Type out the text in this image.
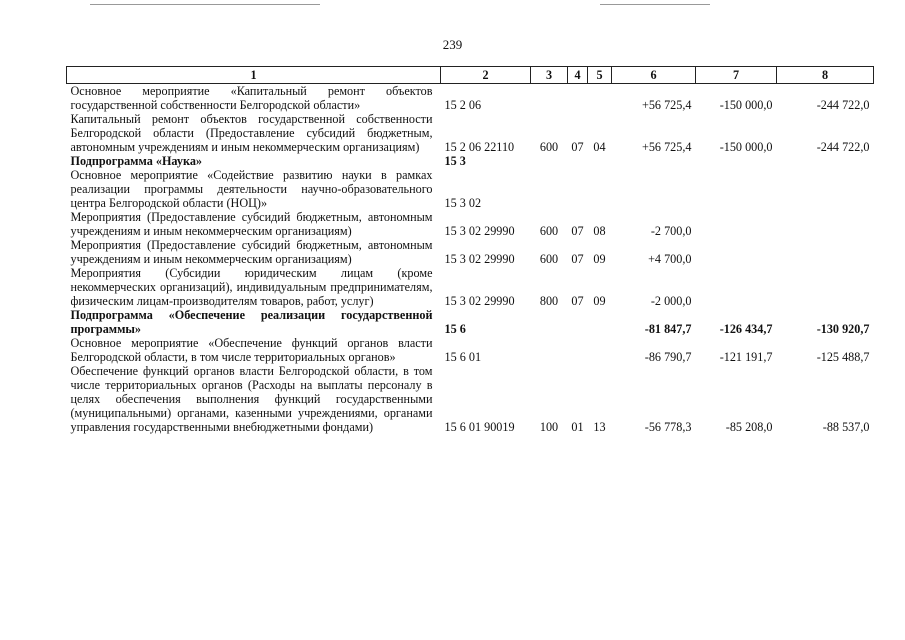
239
1	2	3	4	5	6	7	8
Основное мероприятие «Капитальный ремонт объектов государственной собственности Белгородской области»	15 2 06				+56 725,4	-150 000,0	-244 722,0
Капитальный ремонт объектов государственной собственности Белгородской области (Предоставление субсидий бюджетным, автономным учреждениям и иным некоммерческим организациям)	15 2 06 22110	600	07	04	+56 725,4	-150 000,0	-244 722,0
Подпрограмма «Наука»	15 3						
Основное мероприятие «Содействие развитию науки в рамках реализации программы деятельности научно-образовательного центра Белгородской области (НОЦ)»	15 3 02						
Мероприятия (Предоставление субсидий бюджетным, автономным учреждениям и иным некоммерческим организациям)	15 3 02 29990	600	07	08	-2 700,0		
Мероприятия (Предоставление субсидий бюджетным, автономным учреждениям и иным некоммерческим организациям)	15 3 02 29990	600	07	09	+4 700,0		
Мероприятия (Субсидии юридическим лицам (кроме некоммерческих организаций), индивидуальным предпринимателям, физическим лицам-производителям товаров, работ, услуг)	15 3 02 29990	800	07	09	-2 000,0		
Подпрограмма «Обеспечение реализации государственной программы»	15 6				-81 847,7	-126 434,7	-130 920,7
Основное мероприятие «Обеспечение функций органов власти Белгородской области, в том числе территориальных органов»	15 6 01				-86 790,7	-121 191,7	-125 488,7
Обеспечение функций органов власти Белгородской области, в том числе территориальных органов (Расходы на выплаты персоналу в целях обеспечения выполнения функций государственными (муниципальными) органами, казенными учреждениями, органами управления государственными внебюджетными фондами)	15 6 01 90019	100	01	13	-56 778,3	-85 208,0	-88 537,0
